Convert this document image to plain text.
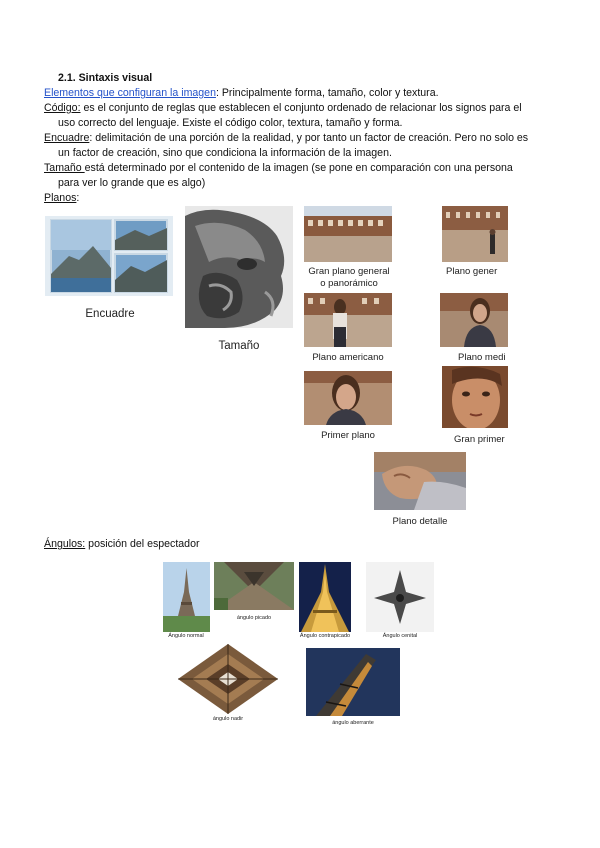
2.1. Sintaxis visual
Elementos que configuran la imagen: Principalmente forma, tamaño, color y textura.
Código: es el conjunto de reglas que establecen el conjunto ordenado de relacionar los signos para el
uso correcto del lenguaje. Existe el código color, textura, tamaño y forma.
Encuadre: delimitación de una porción de la realidad, y por tanto un factor de creación. Pero no solo es
un factor de creación, sino que condiciona la información de la imagen.
Tamaño está determinado por el contenido de la imagen (se pone en comparación con una persona
para ver lo grande que es algo)
Planos:
Encuadre
Tamaño
Gran plano general
o panorámico
Plano gener
Plano americano	Plano medi
Primer plano	Gran primer
Plano detalle
Ángulos: posición del espectador
Ángulo normal
ángulo picado
Ángulo contrapicado	Ángulo cenital
ángulo nadir
ángulo aberrante
